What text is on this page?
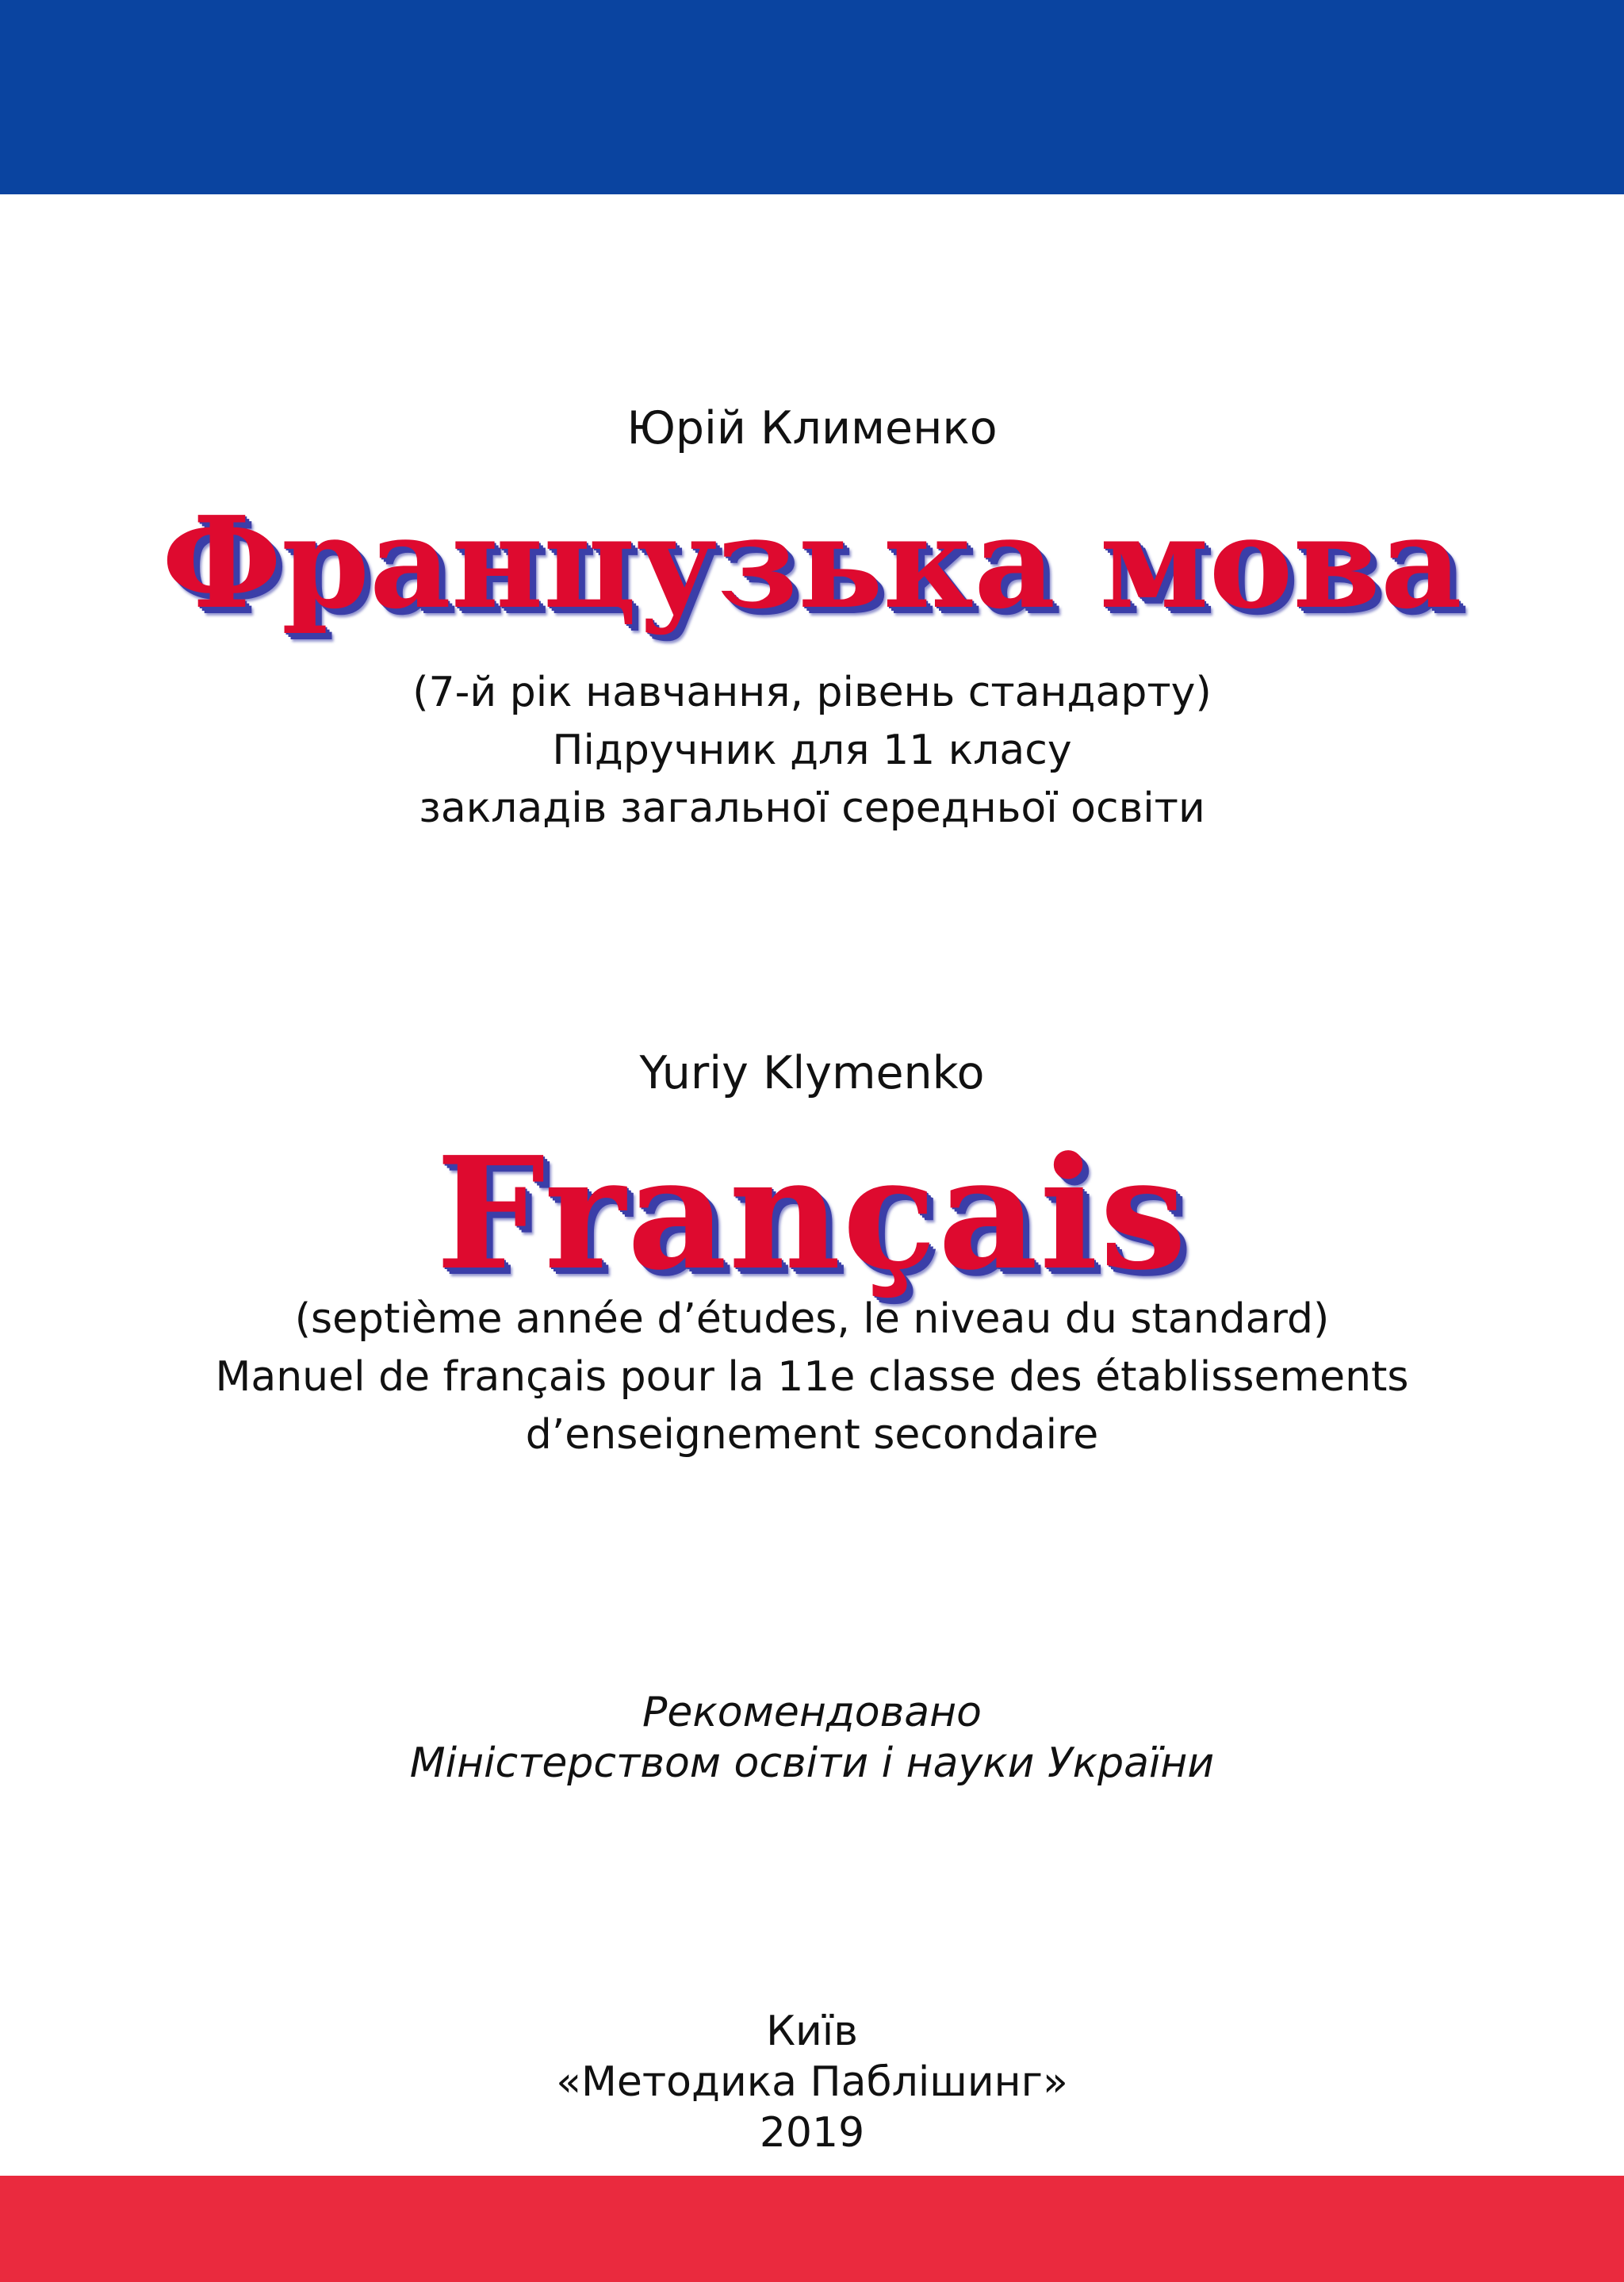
Юрій Клименко

Французька мова

(7-й рік навчання, рівень стандарту)

Підручник для 11 класу

закладів загальної середньої освіти

Yuriy Klymenko

Français

(septième année d’études, le niveau du standard)

Manuel de français pour la 11e classe des établissements

d’enseignement secondaire

Рекомендовано

Міністерством освіти і науки України

Київ

«Методика Паблішинг»

2019
